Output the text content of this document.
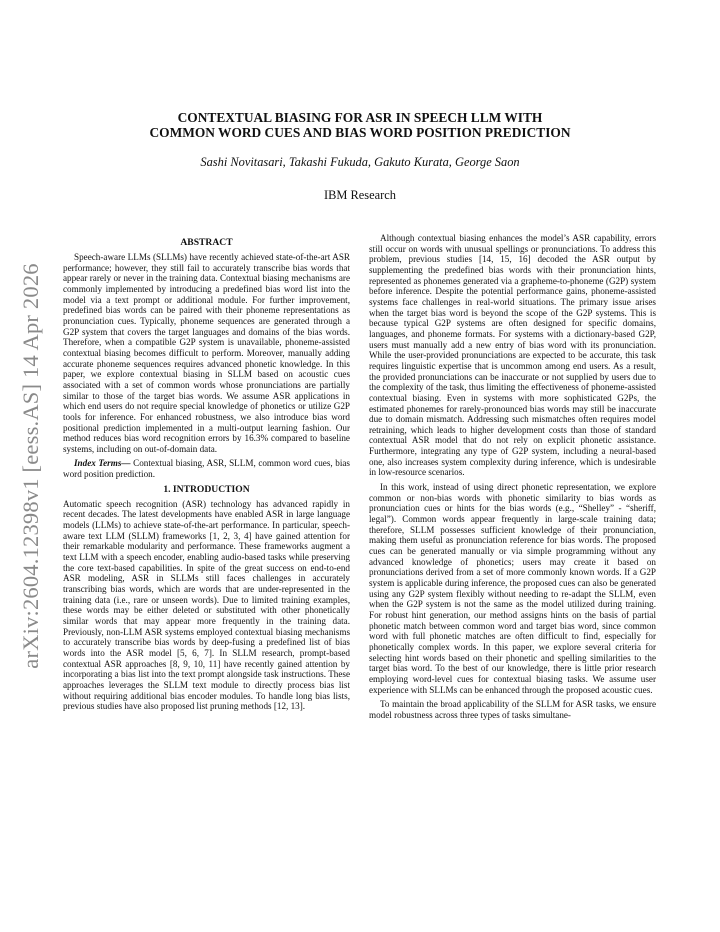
arXiv:2604.12398v1 [eess.AS] 14 Apr 2026
CONTEXTUAL BIASING FOR ASR IN SPEECH LLM WITH
COMMON WORD CUES AND BIAS WORD POSITION PREDICTION
Sashi Novitasari, Takashi Fukuda, Gakuto Kurata, George Saon
IBM Research
ABSTRACT

Speech-aware LLMs (SLLMs) have recently achieved state-of-the-art ASR performance; however, they still fail to accurately transcribe bias words that appear rarely or never in the training data. Contextual biasing mechanisms are commonly implemented by introducing a predefined bias word list into the model via a text prompt or additional module. For further improvement, predefined bias words can be paired with their phoneme representations as pronunciation cues. Typically, phoneme sequences are generated through a G2P system that covers the target languages and domains of the bias words. Therefore, when a compatible G2P system is unavailable, phoneme-assisted contextual biasing becomes difficult to perform. Moreover, manually adding accurate phoneme sequences requires advanced phonetic knowledge. In this paper, we explore contextual biasing in SLLM based on acoustic cues associated with a set of common words whose pronunciations are partially similar to those of the target bias words. We assume ASR applications in which end users do not require special knowledge of phonetics or utilize G2P tools for inference. For enhanced robustness, we also introduce bias word positional prediction implemented in a multi-output learning fashion. Our method reduces bias word recognition errors by 16.3% compared to baseline systems, including on out-of-domain data.

Index Terms— Contextual biasing, ASR, SLLM, common word cues, bias word position prediction.

1. INTRODUCTION

Automatic speech recognition (ASR) technology has advanced rapidly in recent decades. The latest developments have enabled ASR in large language models (LLMs) to achieve state-of-the-art performance. In particular, speech-aware text LLM (SLLM) frameworks [1, 2, 3, 4] have gained attention for their remarkable modularity and performance. These frameworks augment a text LLM with a speech encoder, enabling audio-based tasks while preserving the core text-based capabilities. In spite of the great success on end-to-end ASR modeling, ASR in SLLMs still faces challenges in accurately transcribing bias words, which are words that are under-represented in the training data (i.e., rare or unseen words). Due to limited training examples, these words may be either deleted or substituted with other phonetically similar words that may appear more frequently in the training data. Previously, non-LLM ASR systems employed contextual biasing mechanisms to accurately transcribe bias words by deep-fusing a predefined list of bias words into the ASR model [5, 6, 7]. In SLLM research, prompt-based contextual ASR approaches [8, 9, 10, 11] have recently gained attention by incorporating a bias list into the text prompt alongside task instructions. These approaches leverages the SLLM text module to directly process bias list without requiring additional bias encoder modules. To handle long bias lists, previous studies have also proposed list pruning methods [12, 13].

Although contextual biasing enhances the model’s ASR capability, errors still occur on words with unusual spellings or pronunciations. To address this problem, previous studies [14, 15, 16] decoded the ASR output by supplementing the predefined bias words with their pronunciation hints, represented as phonemes generated via a grapheme-to-phoneme (G2P) system before inference. Despite the potential performance gains, phoneme-assisted systems face challenges in real-world situations. The primary issue arises when the target bias word is beyond the scope of the G2P systems. This is because typical G2P systems are often designed for specific domains, languages, and phoneme formats. For systems with a dictionary-based G2P, users must manually add a new entry of bias word with its pronunciation. While the user-provided pronunciations are expected to be accurate, this task requires linguistic expertise that is uncommon among end users. As a result, the provided pronunciations can be inaccurate or not supplied by users due to the complexity of the task, thus limiting the effectiveness of phoneme-assisted contextual biasing. Even in systems with more sophisticated G2Ps, the estimated phonemes for rarely-pronounced bias words may still be inaccurate due to domain mismatch. Addressing such mismatches often requires model retraining, which leads to higher development costs than those of standard contextual ASR model that do not rely on explicit phonetic assistance. Furthermore, integrating any type of G2P system, including a neural-based one, also increases system complexity during inference, which is undesirable in low-resource scenarios.

In this work, instead of using direct phonetic representation, we explore common or non-bias words with phonetic similarity to bias words as pronunciation cues or hints for the bias words (e.g., “Shelley” - “sheriff, legal”). Common words appear frequently in large-scale training data; therefore, SLLM possesses sufficient knowledge of their pronunciation, making them useful as pronunciation reference for bias words. The proposed cues can be generated manually or via simple programming without any advanced knowledge of phonetics; users may create it based on pronunciations derived from a set of more commonly known words. If a G2P system is applicable during inference, the proposed cues can also be generated using any G2P system flexibly without needing to re-adapt the SLLM, even when the G2P system is not the same as the model utilized during training. For robust hint generation, our method assigns hints on the basis of partial phonetic match between common word and target bias word, since common word with full phonetic matches are often difficult to find, especially for phonetically complex words. In this paper, we explore several criteria for selecting hint words based on their phonetic and spelling similarities to the target bias word. To the best of our knowledge, there is little prior research employing word-level cues for contextual biasing tasks. We assume user experience with SLLMs can be enhanced through the proposed acoustic cues.

To maintain the broad applicability of the SLLM for ASR tasks, we ensure model robustness across three types of tasks simultane-
